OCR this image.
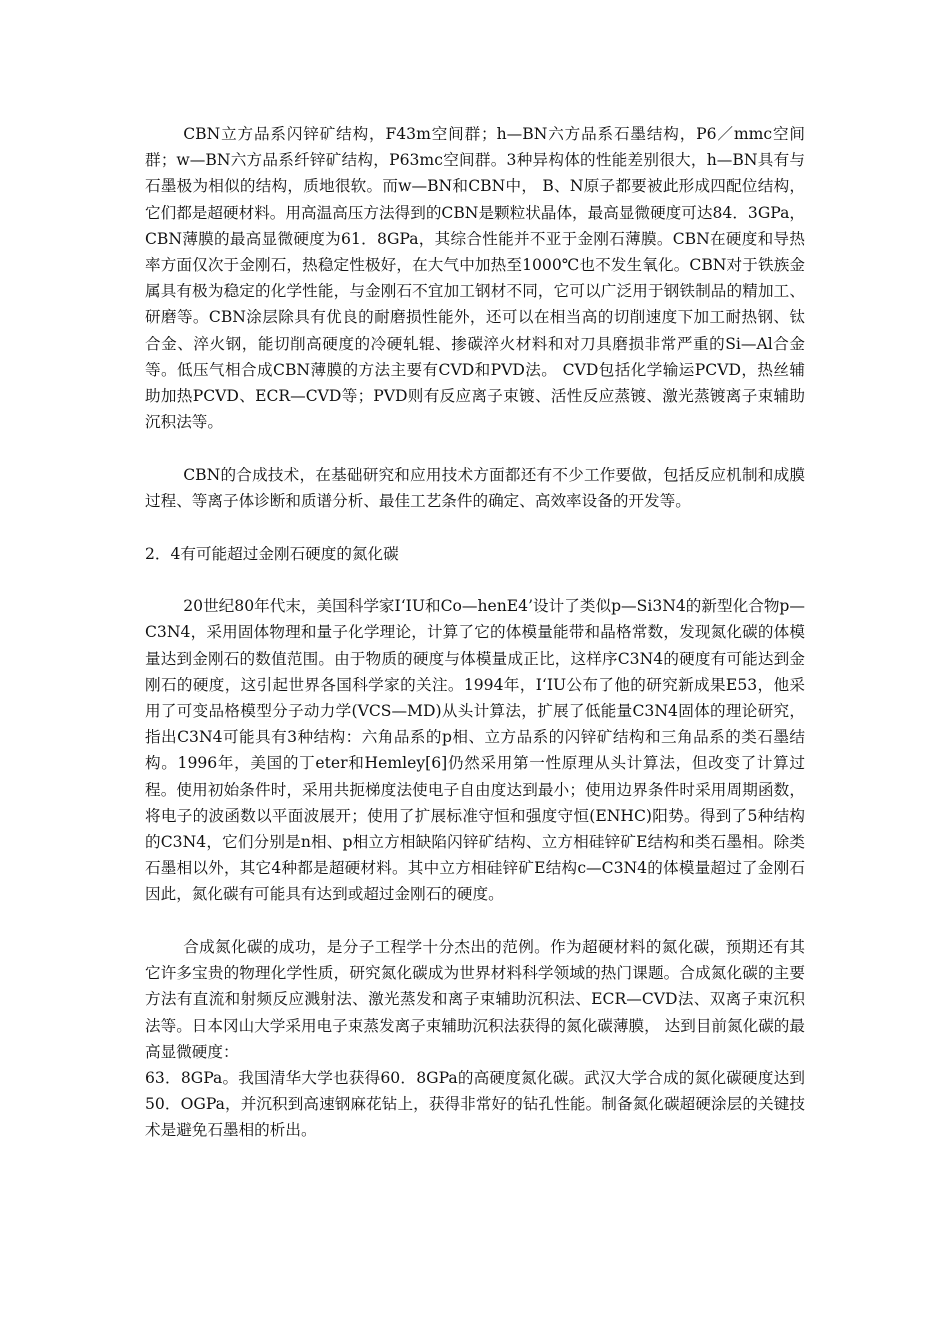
CBN立方品系闪锌矿结构，F43m空间群；h—BN六方品系石墨结构，P6／mmc空间群；w—BN六方品系纤锌矿结构，P63mc空间群。3种异构体的性能差别很大，h—BN具有与石墨极为相似的结构，质地很软。而w—BN和CBN中， B、N原子都要被此形成四配位结构，它们都是超硬材料。用高温高压方法得到的CBN是颗粒状晶体，最高显微硬度可达84．3GPa，CBN薄膜的最高显微硬度为61．8GPa，其综合性能并不亚于金刚石薄膜。CBN在硬度和导热率方面仅次于金刚石，热稳定性极好，在大气中加热至1000℃也不发生氧化。CBN对于铁族金属具有极为稳定的化学性能，与金刚石不宜加工钢材不同，它可以广泛用于钢铁制品的精加工、研磨等。CBN涂层除具有优良的耐磨损性能外，还可以在相当高的切削速度下加工耐热钢、钛合金、淬火钢，能切削高硬度的冷硬轧辊、掺碳淬火材料和对刀具磨损非常严重的Si—Al合金等。低压气相合成CBN薄膜的方法主要有CVD和PVD法。 CVD包括化学输运PCVD，热丝辅助加热PCVD、ECR—CVD等；PVD则有反应离子束镀、活性反应蒸镀、激光蒸镀离子束辅助沉积法等。

CBN的合成技术，在基础研究和应用技术方面都还有不少工作要做，包括反应机制和成膜过程、等离子体诊断和质谱分析、最佳工艺条件的确定、高效率设备的开发等。

2．4有可能超过金刚石硬度的氮化碳

20世纪80年代末，美国科学家I‘IU和Co—henE4’设计了类似p—Si3N4的新型化合物p—C3N4，采用固体物理和量子化学理论，计算了它的体模量能带和晶格常数，发现氮化碳的体模量达到金刚石的数值范围。由于物质的硬度与体模量成正比，这样序C3N4的硬度有可能达到金刚石的硬度，这引起世界各国科学家的关注。1994年，I‘IU公布了他的研究新成果E53，他采用了可变品格模型分子动力学(VCS—MD)从头计算法，扩展了低能量C3N4固体的理论研究，指出C3N4可能具有3种结构：六角品系的p相、立方品系的闪锌矿结构和三角品系的类石墨结构。1996年，美国的丁eter和Hemley[6]仍然采用第一性原理从头计算法，但改变了计算过程。使用初始条件时，采用共扼梯度法使电子自由度达到最小；使用边界条件时采用周期函数，将电子的波函数以平面波展开；使用了扩展标准守恒和强度守恒(ENHC)阳势。得到了5种结构的C3N4，它们分别是n相、p相立方相缺陷闪锌矿结构、立方相硅锌矿E结构和类石墨相。除类石墨相以外，其它4种都是超硬材料。其中立方相硅锌矿E结构c—C3N4的体模量超过了金刚石因此，氮化碳有可能具有达到或超过金刚石的硬度。

合成氮化碳的成功，是分子工程学十分杰出的范例。作为超硬材料的氮化碳，预期还有其它许多宝贵的物理化学性质，研究氮化碳成为世界材料科学领域的热门课题。合成氮化碳的主要方法有直流和射频反应溅射法、激光蒸发和离子束辅助沉积法、ECR—CVD法、双离子束沉积法等。日本冈山大学采用电子束蒸发离子束辅助沉积法获得的氮化碳薄膜， 达到目前氮化碳的最高显微硬度：
63．8GPa。我国清华大学也获得60．8GPa的高硬度氮化碳。武汉大学合成的氮化碳硬度达到50．OGPa，并沉积到高速钢麻花钻上，获得非常好的钻孔性能。制备氮化碳超硬涂层的关键技术是避免石墨相的析出。
